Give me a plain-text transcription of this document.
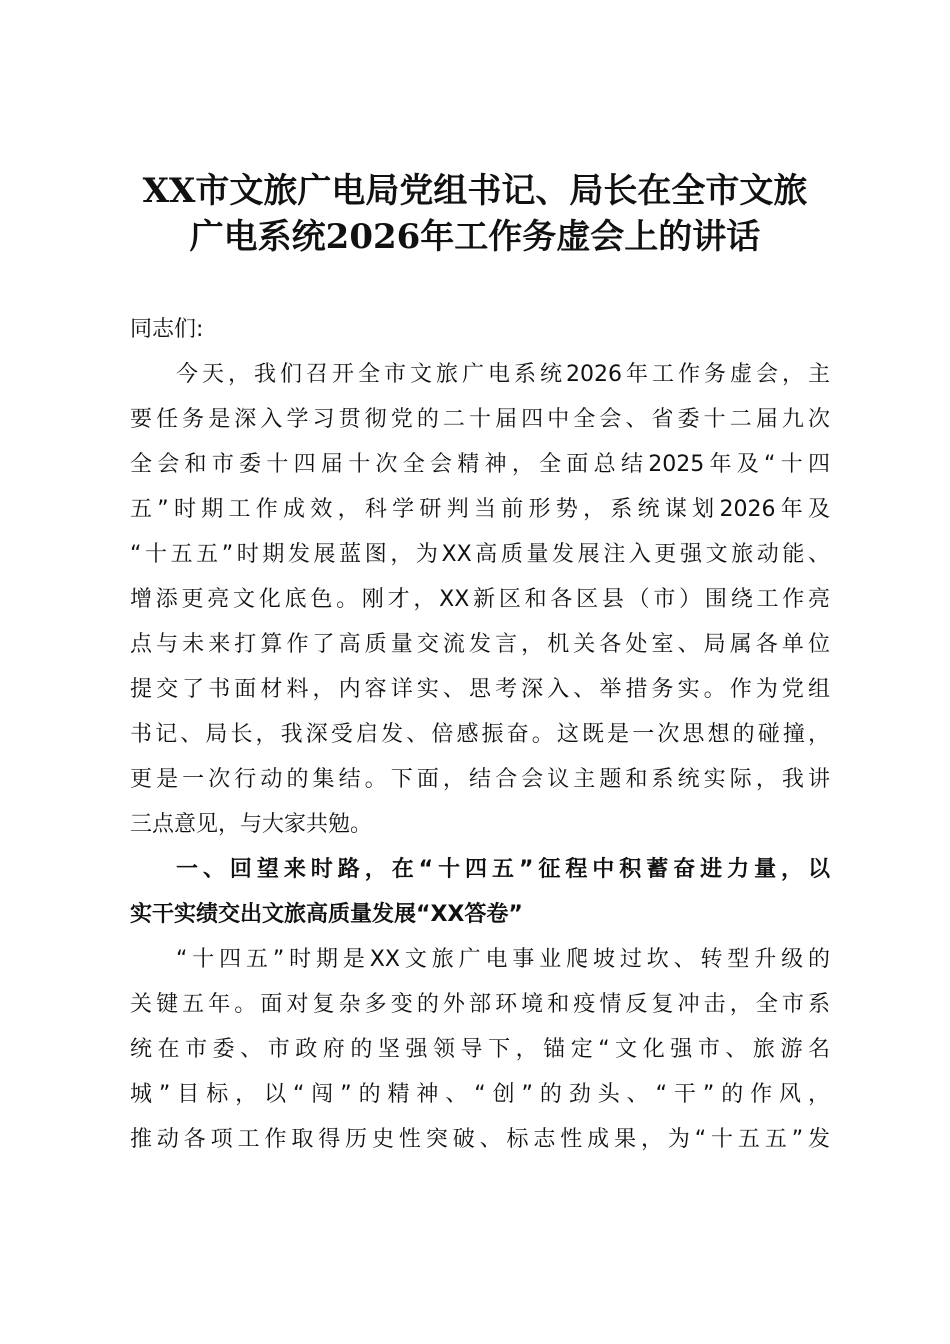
XX市文旅广电局党组书记、局长在全市文旅
广电系统2026年工作务虚会上的讲话
同志们:
今天，我们召开全市文旅广电系统2026年工作务虚会，主
要任务是深入学习贯彻党的二十届四中全会、省委十二届九次
全会和市委十四届十次全会精神，全面总结2025年及“十四
五”时期工作成效，科学研判当前形势，系统谋划2026年及
“十五五”时期发展蓝图，为XX高质量发展注入更强文旅动能、
增添更亮文化底色。刚才，XX新区和各区县（市）围绕工作亮
点与未来打算作了高质量交流发言，机关各处室、局属各单位
提交了书面材料，内容详实、思考深入、举措务实。作为党组
书记、局长，我深受启发、倍感振奋。这既是一次思想的碰撞，
更是一次行动的集结。下面，结合会议主题和系统实际，我讲
三点意见，与大家共勉。
一、回望来时路，在“十四五”征程中积蓄奋进力量，以
实干实绩交出文旅高质量发展“XX答卷”
“十四五”时期是XX文旅广电事业爬坡过坎、转型升级的
关键五年。面对复杂多变的外部环境和疫情反复冲击，全市系
统在市委、市政府的坚强领导下，锚定“文化强市、旅游名
城”目标，以“闯”的精神、“创”的劲头、“干”的作风，
推动各项工作取得历史性突破、标志性成果，为“十五五”发
